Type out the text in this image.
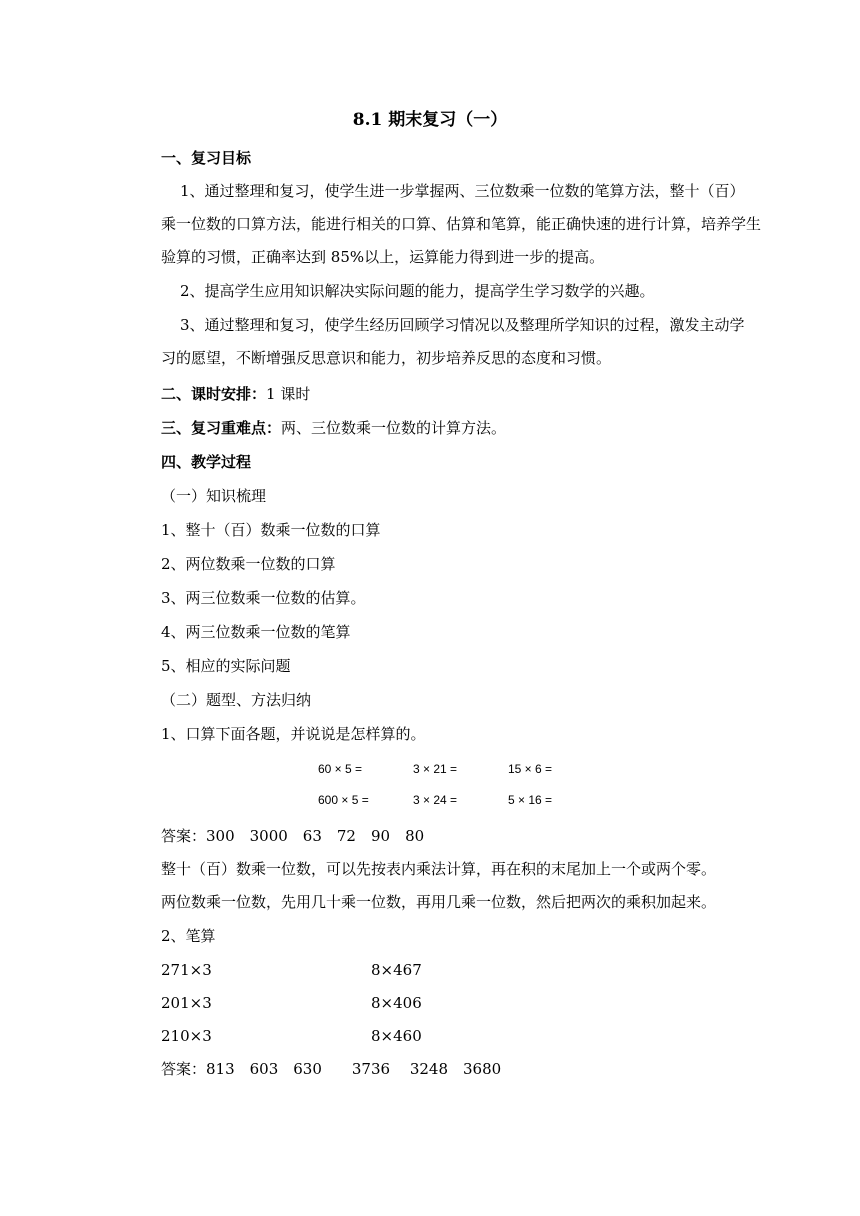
8.1 期末复习（一）
一、复习目标
1、通过整理和复习，使学生进一步掌握两、三位数乘一位数的笔算方法，整十（百）
乘一位数的口算方法，能进行相关的口算、估算和笔算，能正确快速的进行计算，培养学生
验算的习惯，正确率达到 85%以上，运算能力得到进一步的提高。
2、提高学生应用知识解决实际问题的能力，提高学生学习数学的兴趣。
3、通过整理和复习，使学生经历回顾学习情况以及整理所学知识的过程，激发主动学
习的愿望，不断增强反思意识和能力，初步培养反思的态度和习惯。
二、课时安排：1 课时
三、复习重难点：两、三位数乘一位数的计算方法。
四、教学过程
（一）知识梳理
1、整十（百）数乘一位数的口算
2、两位数乘一位数的口算
3、两三位数乘一位数的估算。
4、两三位数乘一位数的笔算
5、相应的实际问题
（二）题型、方法归纳
1、口算下面各题，并说说是怎样算的。
60 × 5 =	3 × 21 =	15 × 6 =
600 × 5 =	3 × 24 =	5 × 16 =
答案：300　3000　63　72　90　80
整十（百）数乘一位数，可以先按表内乘法计算，再在积的末尾加上一个或两个零。
两位数乘一位数，先用几十乘一位数，再用几乘一位数，然后把两次的乘积加起来。
2、笔算
271×3	8×467
201×3	8×406
210×3	8×460
答案：813　603　630　　3736　 3248　3680
